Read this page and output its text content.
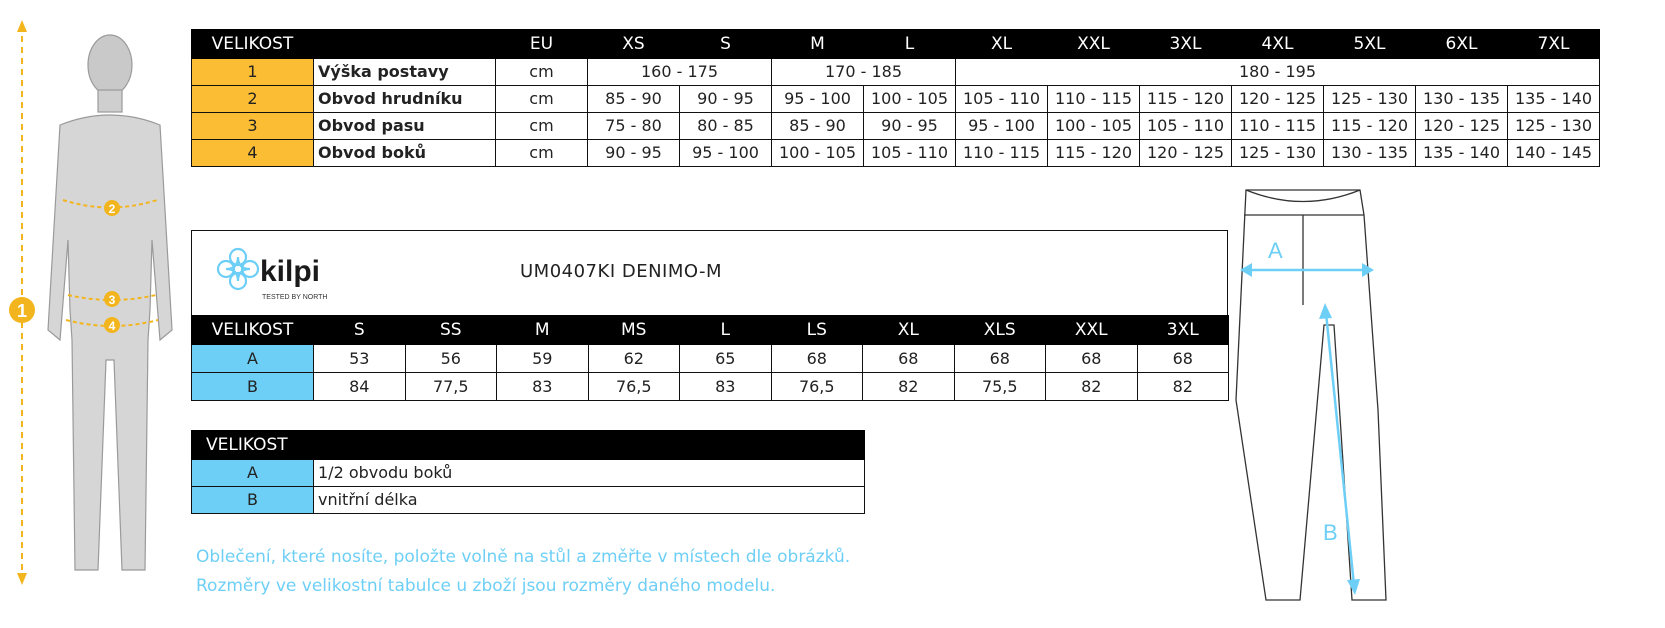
1
2
3
4
VELIKOST		EU	XS	S	M	L	XL	XXL	3XL	4XL	5XL	6XL	7XL
1	Výška postavy	cm	160 - 175		170 - 185		180 - 195						
2	Obvod hrudníku	cm	85 - 90	90 - 95	95 - 100	100 - 105	105 - 110	110 - 115	115 - 120	120 - 125	125 - 130	130 - 135	135 - 140
3	Obvod pasu	cm	75 - 80	80 - 85	85 - 90	90 - 95	95 - 100	100 - 105	105 - 110	110 - 115	115 - 120	120 - 125	125 - 130
4	Obvod boků	cm	90 - 95	95 - 100	100 - 105	105 - 110	110 - 115	115 - 120	120 - 125	125 - 130	130 - 135	135 - 140	140 - 145
kilpi
TESTED BY NORTH
UM0407KI DENIMO-M
VELIKOST	S	SS	M	MS	L	LS	XL	XLS	XXL	3XL
A	53	56	59	62	65	68	68	68	68	68
B	84	77,5	83	76,5	83	76,5	82	75,5	82	82
VELIKOST	
A	1/2 obvodu boků
B	vnitřní délka
Oblečení, které nosíte, položte volně na stůl a změřte v místech dle obrázků.
Rozměry ve velikostní tabulce u zboží jsou rozměry daného modelu.
A
B
